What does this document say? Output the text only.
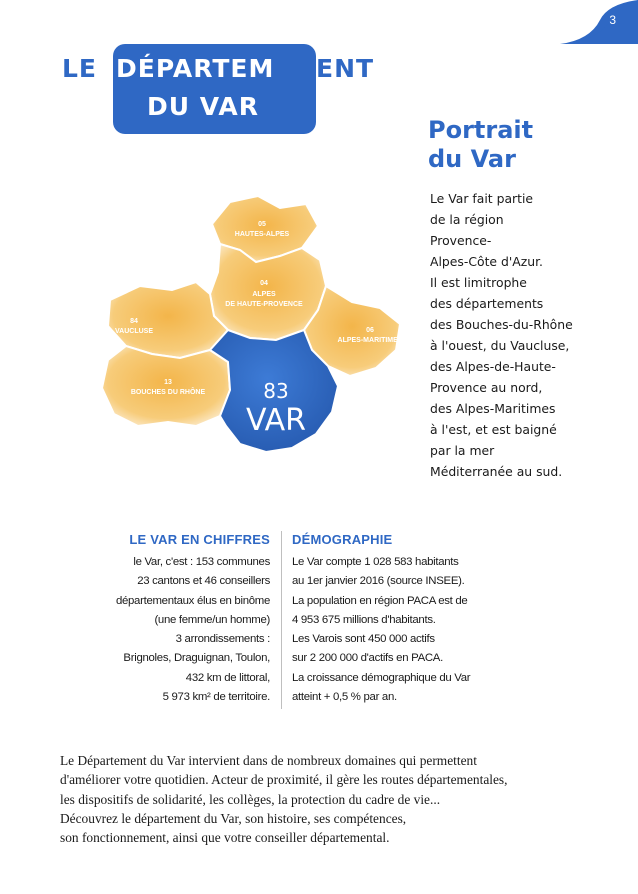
3
LE DÉPARTEM ENT
DU VAR
Portrait
du Var
Le Var fait partie
de la région
Provence-
Alpes-Côte d'Azur.
Il est limitrophe
des départements
des Bouches-du-Rhône
à l'ouest, du Vaucluse,
des Alpes-de-Haute-
Provence au nord,
des Alpes-Maritimes
à l'est, et est baigné
par la mer
Méditerranée au sud.
05
HAUTES-ALPES
04
ALPES
DE HAUTE-PROVENCE
84
VAUCLUSE	06
ALPES-MARITIMES
13
BOUCHES DU RHÔNE	83
VAR
LE VAR EN CHIFFRES
le Var, c'est : 153 communes
23 cantons et 46 conseillers
départementaux élus en binôme
(une femme/un homme)
3 arrondissements :
Brignoles, Draguignan, Toulon,
432 km de littoral,
5 973 km² de territoire.
DÉMOGRAPHIE
Le Var compte 1 028 583 habitants
au 1er janvier 2016 (source INSEE).
La population en région PACA est de
4 953 675 millions d'habitants.
Les Varois sont 450 000 actifs
sur 2 200 000 d'actifs en PACA.
La croissance démographique du Var
atteint + 0,5 % par an.
Le Département du Var intervient dans de nombreux domaines qui permettent
d'améliorer votre quotidien. Acteur de proximité, il gère les routes départementales,
les dispositifs de solidarité, les collèges, la protection du cadre de vie...
Découvrez le département du Var, son histoire, ses compétences,
son fonctionnement, ainsi que votre conseiller départemental.
